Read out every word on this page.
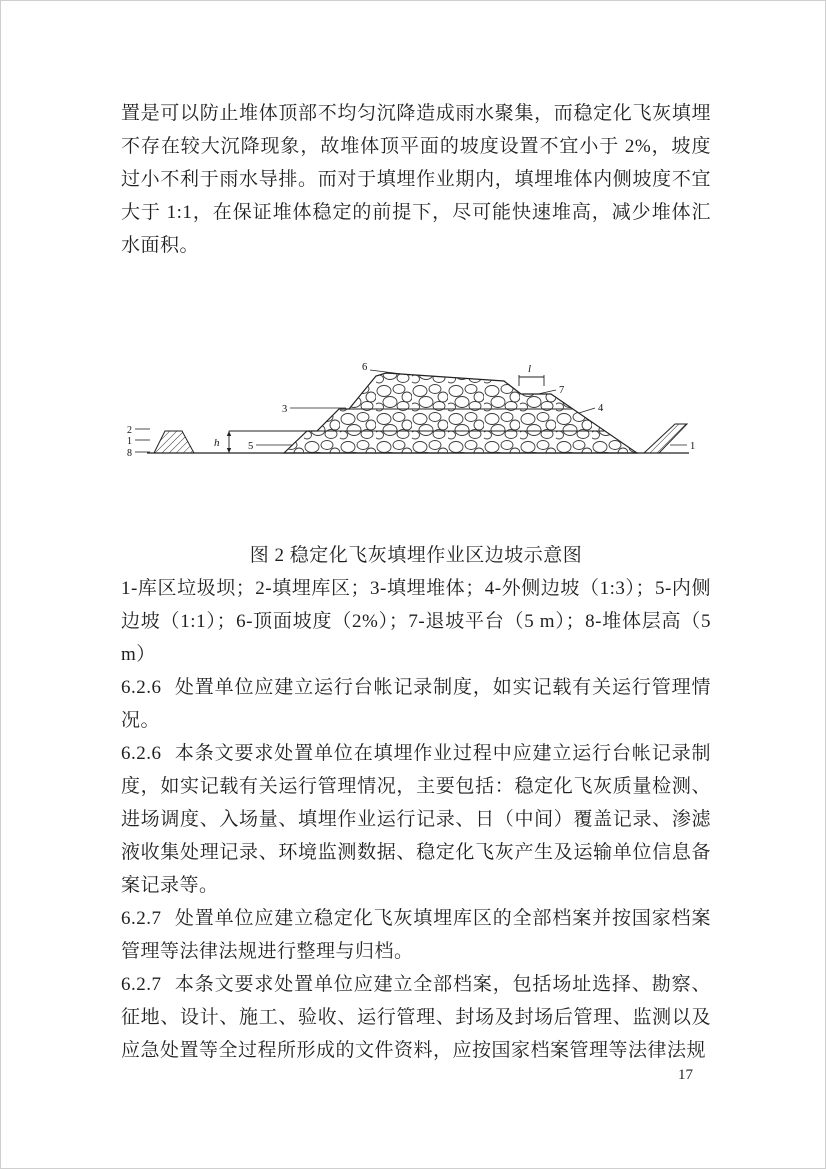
置是可以防止堆体顶部不均匀沉降造成雨水聚集，而稳定化飞灰填埋不存在较大沉降现象，故堆体顶平面的坡度设置不宜小于 2%，坡度过小不利于雨水导排。而对于填埋作业期内，填埋堆体内侧坡度不宜大于 1:1，在保证堆体稳定的前提下，尽可能快速堆高，减少堆体汇水面积。

h
l
2
1
8
5
3
6
7
4
1
图 2 稳定化飞灰填埋作业区边坡示意图

1-库区垃圾坝；2-填埋库区；3-填埋堆体；4-外侧边坡（1:3）；5-内侧边坡（1:1）；6-顶面坡度（2%）；7-退坡平台（5 m）；8-堆体层高（5 m）

6.2.6 处置单位应建立运行台帐记录制度，如实记载有关运行管理情况。

6.2.6 本条文要求处置单位在填埋作业过程中应建立运行台帐记录制度，如实记载有关运行管理情况，主要包括：稳定化飞灰质量检测、进场调度、入场量、填埋作业运行记录、日（中间）覆盖记录、渗滤液收集处理记录、环境监测数据、稳定化飞灰产生及运输单位信息备案记录等。

6.2.7 处置单位应建立稳定化飞灰填埋库区的全部档案并按国家档案管理等法律法规进行整理与归档。

6.2.7 本条文要求处置单位应建立全部档案，包括场址选择、勘察、征地、设计、施工、验收、运行管理、封场及封场后管理、监测以及应急处置等全过程所形成的文件资料，应按国家档案管理等法律法规

17
